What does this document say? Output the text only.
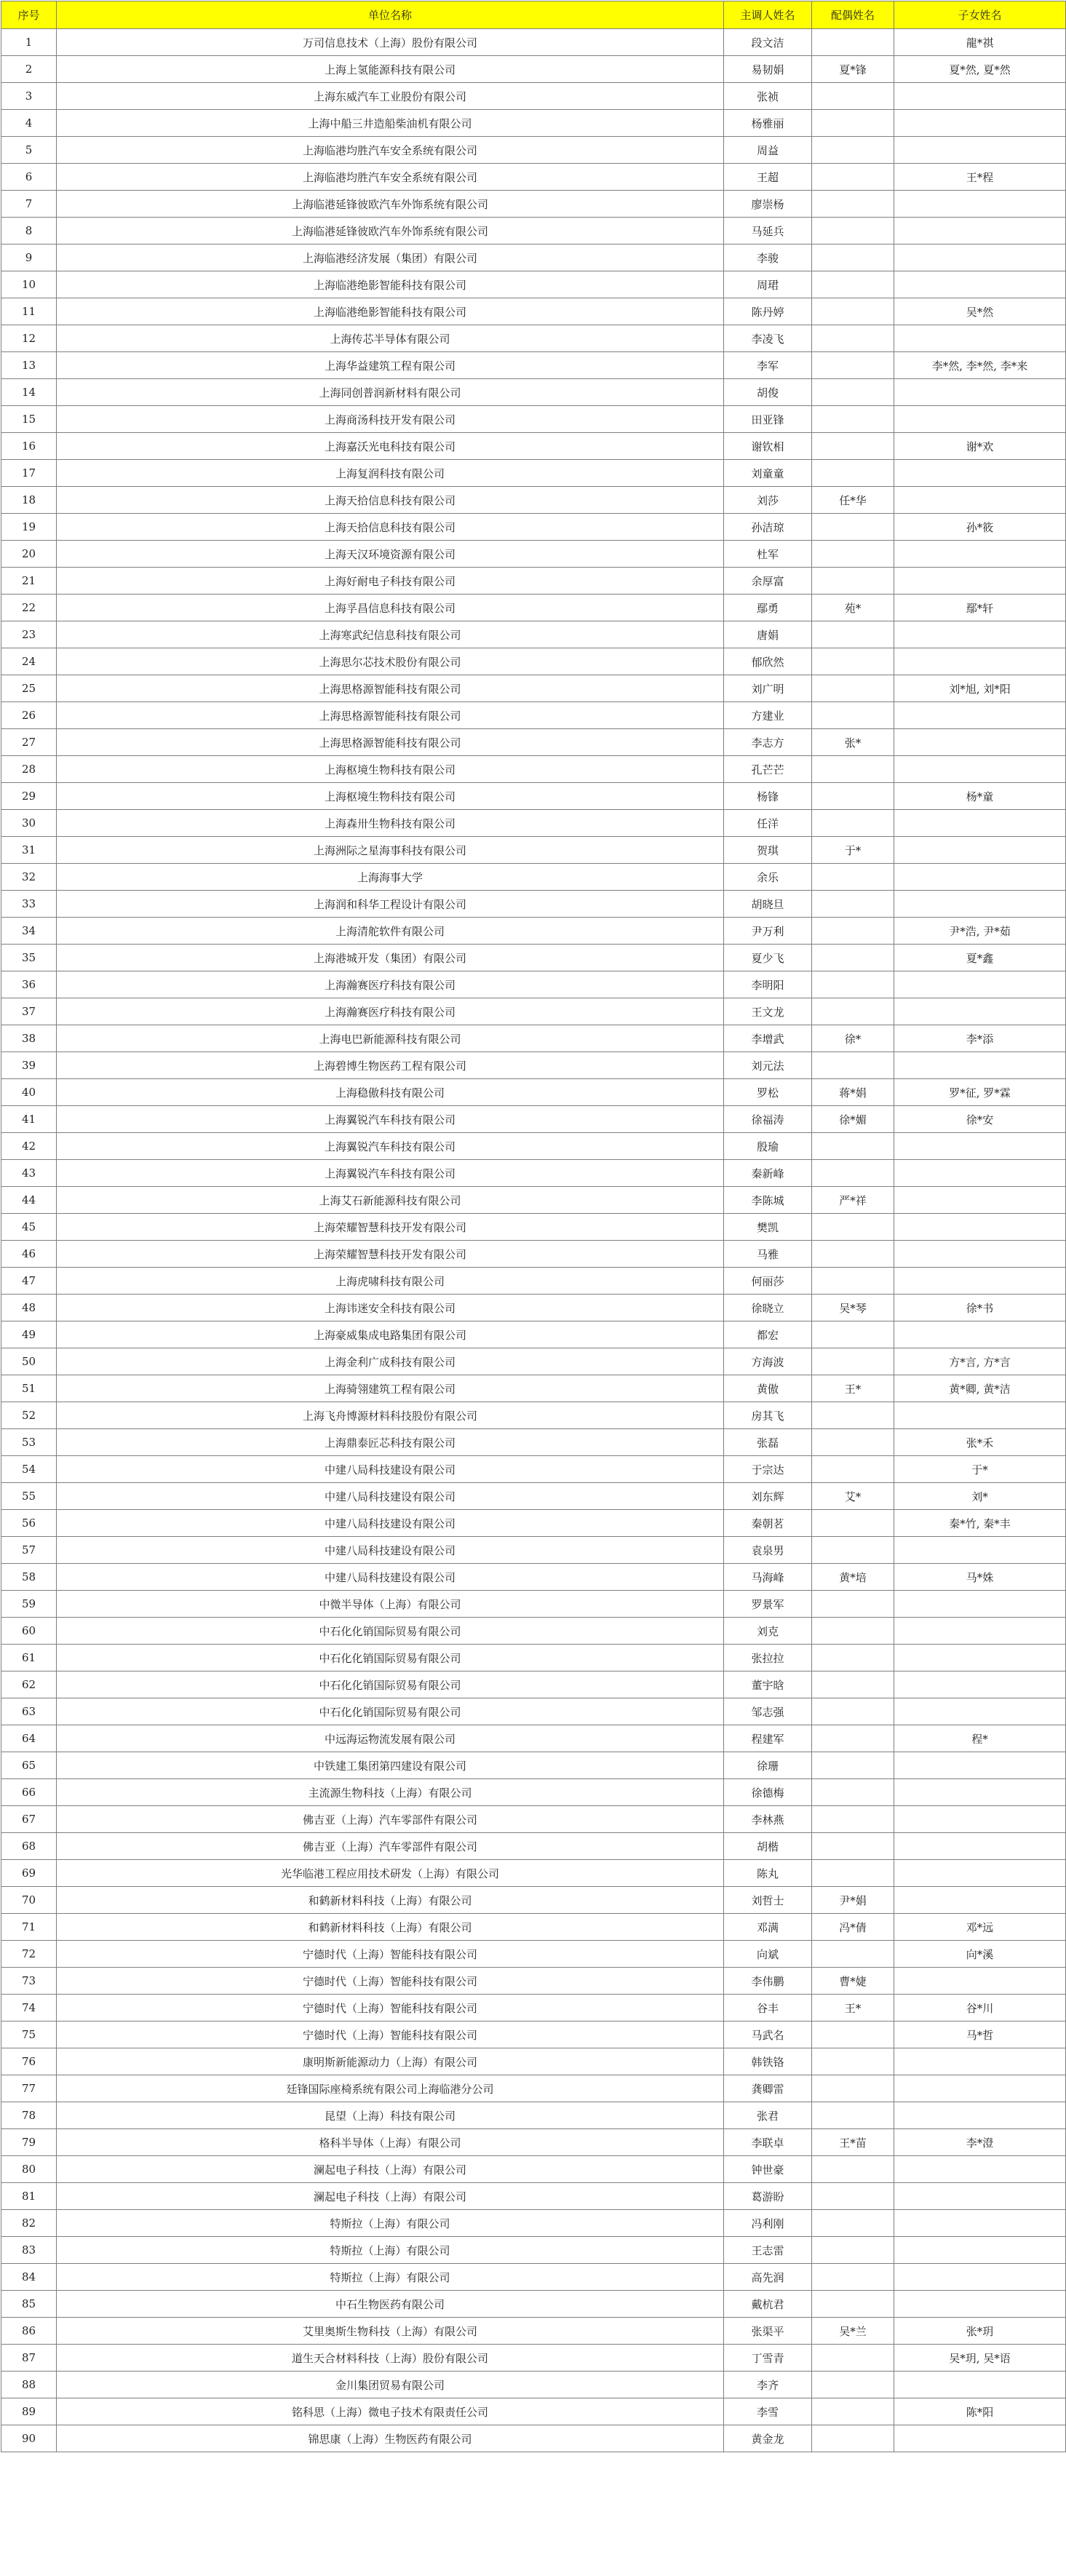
序号	单位名称	主调人姓名	配偶姓名	子女姓名
1	万司信息技术（上海）股份有限公司	段文洁		龍*祺
2	上海上氢能源科技有限公司	易韧娟	夏*锋	夏*然, 夏*然
3	上海东威汽车工业股份有限公司	张祯		
4	上海中船三井造船柴油机有限公司	杨雅丽		
5	上海临港均胜汽车安全系统有限公司	周益		
6	上海临港均胜汽车安全系统有限公司	王超		王*程
7	上海临港延锋彼欧汽车外饰系统有限公司	廖崇杨		
8	上海临港延锋彼欧汽车外饰系统有限公司	马延兵		
9	上海临港经济发展（集团）有限公司	李骏		
10	上海临港绝影智能科技有限公司	周珺		
11	上海临港绝影智能科技有限公司	陈丹婷		吴*然
12	上海传芯半导体有限公司	李凌飞		
13	上海华益建筑工程有限公司	李军		李*然, 李*然, 李*来
14	上海同创普润新材料有限公司	胡俊		
15	上海商汤科技开发有限公司	田亚锋		
16	上海嘉沃光电科技有限公司	谢钦相		谢*欢
17	上海复润科技有限公司	刘童童		
18	上海天拾信息科技有限公司	刘莎	任*华	
19	上海天拾信息科技有限公司	孙洁琼		孙*筱
20	上海天汉环境资源有限公司	杜军		
21	上海好耐电子科技有限公司	余厚富		
22	上海孚昌信息科技有限公司	鄢勇	苑*	鄢*轩
23	上海寒武纪信息科技有限公司	唐娟		
24	上海思尔芯技术股份有限公司	郁欣然		
25	上海思格源智能科技有限公司	刘广明		刘*旭, 刘*阳
26	上海思格源智能科技有限公司	方建业		
27	上海思格源智能科技有限公司	李志方	张*	
28	上海枢境生物科技有限公司	孔芒芒		
29	上海枢境生物科技有限公司	杨锋		杨*童
30	上海森卅生物科技有限公司	任洋		
31	上海洲际之星海事科技有限公司	贺琪	于*	
32	上海海事大学	余乐		
33	上海润和科华工程设计有限公司	胡晓旦		
34	上海清舵软件有限公司	尹万利		尹*浩, 尹*茹
35	上海港城开发（集团）有限公司	夏少飞		夏*鑫
36	上海瀚赛医疗科技有限公司	李明阳		
37	上海瀚赛医疗科技有限公司	王文龙		
38	上海电巴新能源科技有限公司	李增武	徐*	李*添
39	上海碧博生物医药工程有限公司	刘元法		
40	上海稳傲科技有限公司	罗松	蒋*娟	罗*征, 罗*霖
41	上海翼锐汽车科技有限公司	徐福涛	徐*媚	徐*安
42	上海翼锐汽车科技有限公司	殷瑜		
43	上海翼锐汽车科技有限公司	秦新峰		
44	上海艾石新能源科技有限公司	李陈城	严*祥	
45	上海荣耀智慧科技开发有限公司	樊凯		
46	上海荣耀智慧科技开发有限公司	马雅		
47	上海虎啸科技有限公司	何丽莎		
48	上海讳迷安全科技有限公司	徐晓立	吴*琴	徐*书
49	上海豪威集成电路集团有限公司	都宏		
50	上海金利广成科技有限公司	方海波		方*言, 方*言
51	上海骑翎建筑工程有限公司	黄傲	王*	黄*卿, 黄*洁
52	上海飞舟博源材料科技股份有限公司	房其飞		
53	上海鼎泰匠芯科技有限公司	张磊		张*禾
54	中建八局科技建设有限公司	于宗达		于*
55	中建八局科技建设有限公司	刘东辉	艾*	刘*
56	中建八局科技建设有限公司	秦朝茗		秦*竹, 秦*丰
57	中建八局科技建设有限公司	袁泉男		
58	中建八局科技建设有限公司	马海峰	黄*培	马*姝
59	中微半导体（上海）有限公司	罗景军		
60	中石化化销国际贸易有限公司	刘克		
61	中石化化销国际贸易有限公司	张拉拉		
62	中石化化销国际贸易有限公司	董宇晗		
63	中石化化销国际贸易有限公司	邹志强		
64	中远海运物流发展有限公司	程建军		程*
65	中铁建工集团第四建设有限公司	徐珊		
66	主流源生物科技（上海）有限公司	徐德梅		
67	佛吉亚（上海）汽车零部件有限公司	李林燕		
68	佛吉亚（上海）汽车零部件有限公司	胡楷		
69	光华临港工程应用技术研发（上海）有限公司	陈丸		
70	和鹤新材料科技（上海）有限公司	刘哲士	尹*娟	
71	和鹤新材料科技（上海）有限公司	邓满	冯*倩	邓*远
72	宁德时代（上海）智能科技有限公司	向斌		向*溪
73	宁德时代（上海）智能科技有限公司	李伟鹏	曹*婕	
74	宁德时代（上海）智能科技有限公司	谷丰	王*	谷*川
75	宁德时代（上海）智能科技有限公司	马武名		马*哲
76	康明斯新能源动力（上海）有限公司	韩铁铬		
77	廷锋国际座椅系统有限公司上海临港分公司	龚卿雷		
78	昆望（上海）科技有限公司	张君		
79	格科半导体（上海）有限公司	李联卓	王*苗	李*澄
80	澜起电子科技（上海）有限公司	钟世豪		
81	澜起电子科技（上海）有限公司	葛游盼		
82	特斯拉（上海）有限公司	冯利刚		
83	特斯拉（上海）有限公司	王志雷		
84	特斯拉（上海）有限公司	高先润		
85	中石生物医药有限公司	戴杭君		
86	艾里奥斯生物科技（上海）有限公司	张渠平	吴*兰	张*玥
87	道生天合材料科技（上海）股份有限公司	丁雪青		吴*玥, 吴*语
88	金川集团贸易有限公司	李齐		
89	铭科思（上海）微电子技术有限责任公司	李雪		陈*阳
90	锦思康（上海）生物医药有限公司	黄金龙		
